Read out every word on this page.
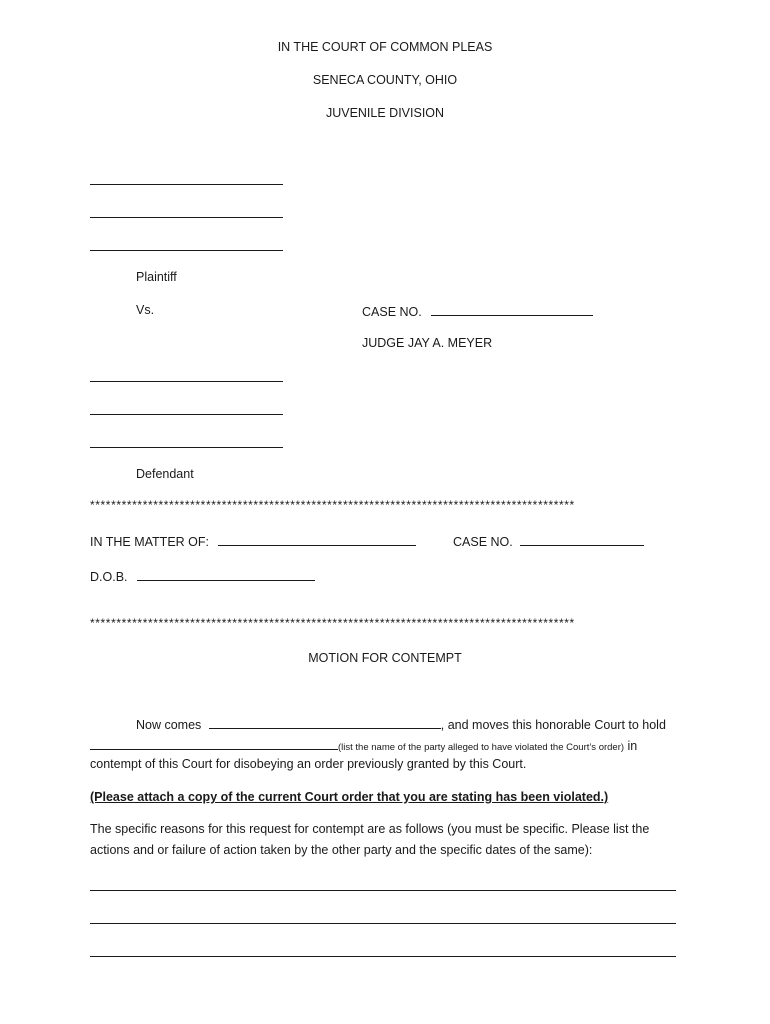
IN THE COURT OF COMMON PLEAS
SENECA COUNTY, OHIO
JUVENILE DIVISION
Plaintiff
Vs.	CASE NO.
JUDGE JAY A. MEYER
Defendant
********************************************************************************************
IN THE MATTER OF:	CASE NO.
D.O.B.
********************************************************************************************
MOTION FOR CONTEMPT
Now comes	, and moves this honorable Court to hold
(list the name of the party alleged to have violated the Court’s order) in
contempt of this Court for disobeying an order previously granted by this Court.
(Please attach a copy of the current Court order that you are stating has been violated.)
The specific reasons for this request for contempt are as follows (you must be specific. Please list the
actions and or failure of action taken by the other party and the specific dates of the same):
